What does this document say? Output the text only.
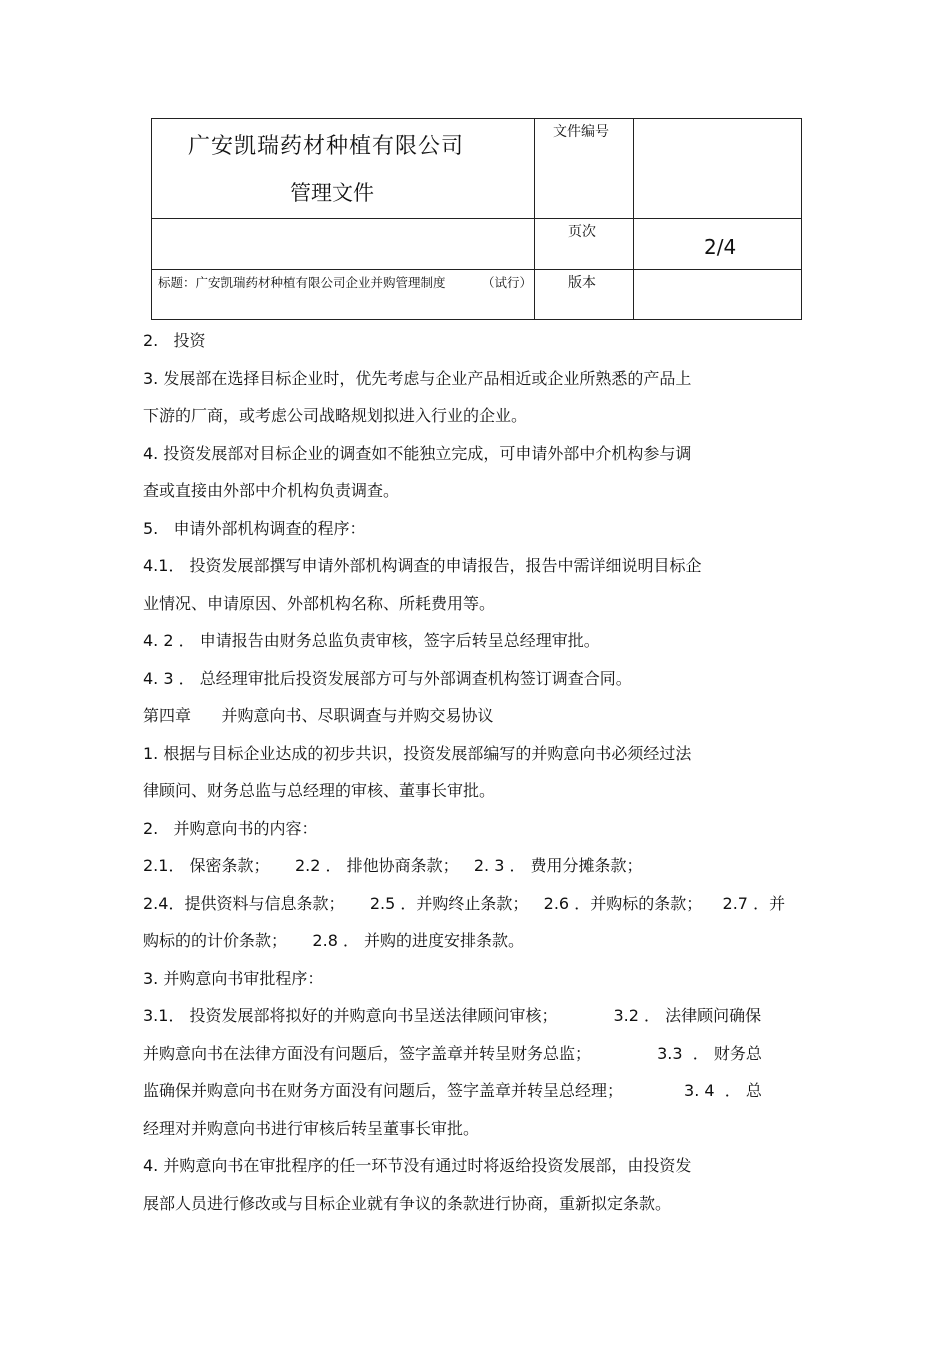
广安凯瑞药材种植有限公司
管理文件	文件编号	

	页次	2/4

标题：广安凯瑞药材种植有限公司企业并购管理制度 （试行）	版本	

2.   投资
3. 发展部在选择目标企业时，优先考虑与企业产品相近或企业所熟悉的产品上
下游的厂商，或考虑公司战略规划拟进入行业的企业。
4. 投资发展部对目标企业的调查如不能独立完成，可申请外部中介机构参与调
查或直接由外部中介机构负责调查。
5.   申请外部机构调查的程序：
4.1． 投资发展部撰写申请外部机构调查的申请报告，报告中需详细说明目标企
业情况、申请原因、外部机构名称、所耗费用等。
4. 2 ． 申请报告由财务总监负责审核，签字后转呈总经理审批。
4. 3 ． 总经理审批后投资发展部方可与外部调查机构签订调查合同。
第四章      并购意向书、尽职调查与并购交易协议
1. 根据与目标企业达成的初步共识，投资发展部编写的并购意向书必须经过法
律顾问、财务总监与总经理的审核、董事长审批。
2.   并购意向书的内容：
2.1． 保密条款；     2.2 ． 排他协商条款；   2. 3 ． 费用分摊条款；
2.4．提供资料与信息条款；     2.5 ．并购终止条款；   2.6 ．并购标的条款；    2.7 ．并
购标的的计价条款；     2.8 ． 并购的进度安排条款。
3. 并购意向书审批程序：
3.1． 投资发展部将拟好的并购意向书呈送法律顾问审核；           3.2 ． 法律顾问确保
并购意向书在法律方面没有问题后，签字盖章并转呈财务总监；             3.3  ． 财务总
监确保并购意向书在财务方面没有问题后，签字盖章并转呈总经理；            3. 4  ． 总
经理对并购意向书进行审核后转呈董事长审批。
4. 并购意向书在审批程序的任一环节没有通过时将返给投资发展部，由投资发
展部人员进行修改或与目标企业就有争议的条款进行协商，重新拟定条款。
